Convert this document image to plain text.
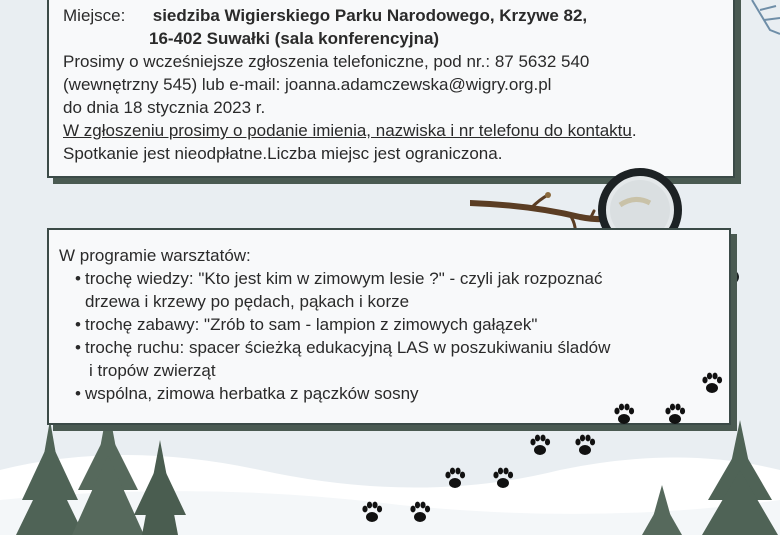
Miejsce: siedziba Wigierskiego Parku Narodowego, Krzywe 82,
16-402 Suwałki (sala konferencyjna)
Prosimy o wcześniejsze zgłoszenia telefoniczne, pod nr.: 87 5632 540
(wewnętrzny 545) lub e-mail: joanna.adamczewska@wigry.org.pl
do dnia 18 stycznia 2023 r.
W zgłoszeniu prosimy o podanie imienia, nazwiska i nr telefonu do kontaktu.
Spotkanie jest nieodpłatne.Liczba miejsc jest ograniczona.
W programie warsztatów:
• trochę wiedzy: "Kto jest kim w zimowym lesie ?" - czyli jak rozpoznać
drzewa i krzewy po pędach, pąkach i korze
• trochę zabawy: "Zrób to sam - lampion z zimowych gałązek"
• trochę ruchu: spacer ścieżką edukacyjną LAS w poszukiwaniu śladów
i tropów zwierząt
• wspólna, zimowa herbatka z pączków sosny
